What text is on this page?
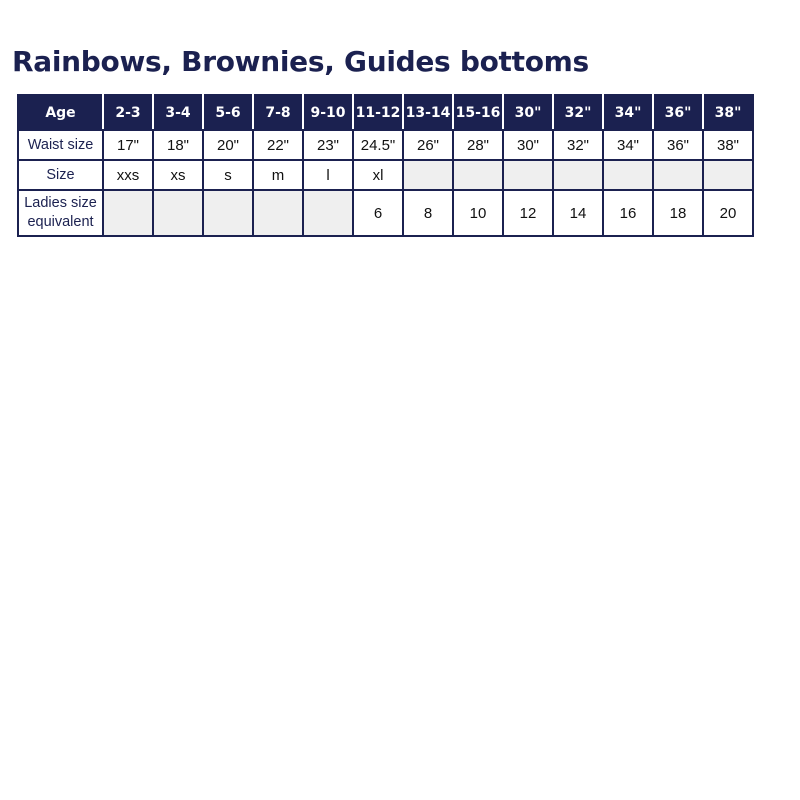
Rainbows, Brownies, Guides bottoms
Age	2-3	3-4	5-6	7-8	9-10	11-12	13-14	15-16	30"	32"	34"	36"	38"
Waist size	17"	18"	20"	22"	23"	24.5"	26"	28"	30"	32"	34"	36"	38"
Size	xxs	xs	s	m	l	xl							
Ladies size equivalent						6	8	10	12	14	16	18	20
